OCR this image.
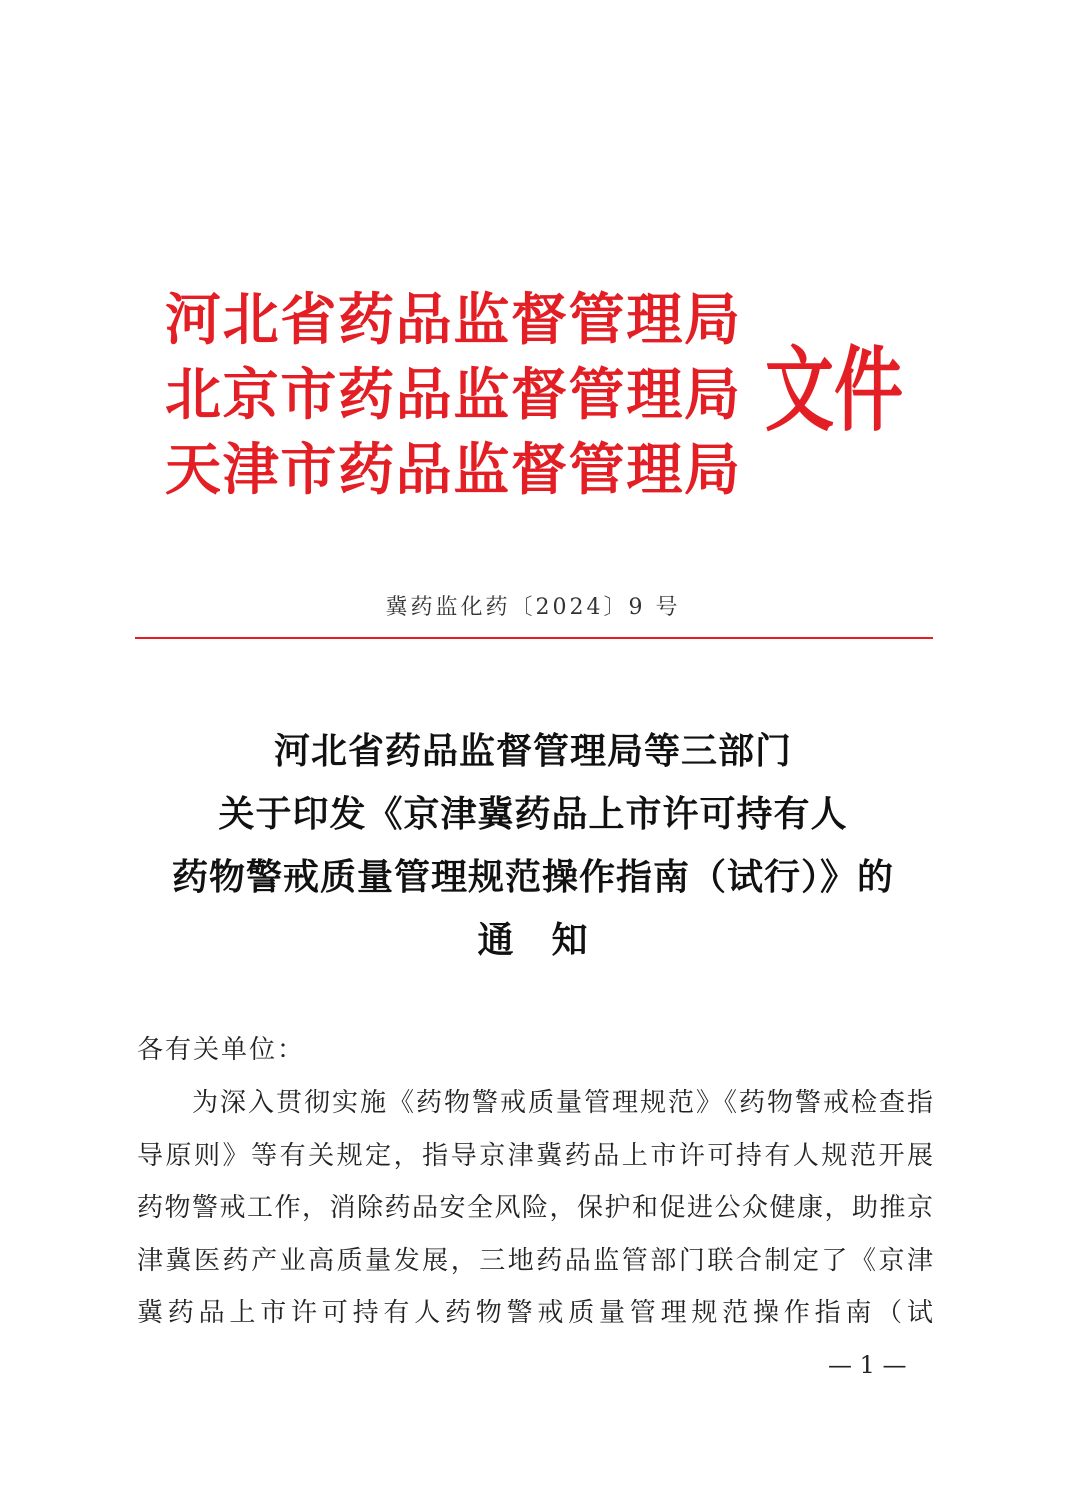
河北省药品监督管理局
北京市药品监督管理局
天津市药品监督管理局
文件
冀药监化药〔2024〕9 号
河北省药品监督管理局等三部门
关于印发《京津冀药品上市许可持有人
药物警戒质量管理规范操作指南（试行）》的
通　知
各有关单位：
为深入贯彻实施《药物警戒质量管理规范》《药物警戒检查指
导原则》等有关规定，指导京津冀药品上市许可持有人规范开展
药物警戒工作，消除药品安全风险，保护和促进公众健康，助推京
津冀医药产业高质量发展，三地药品监管部门联合制定了《京津
冀药品上市许可持有人药物警戒质量管理规范操作指南（试
— 1 —
